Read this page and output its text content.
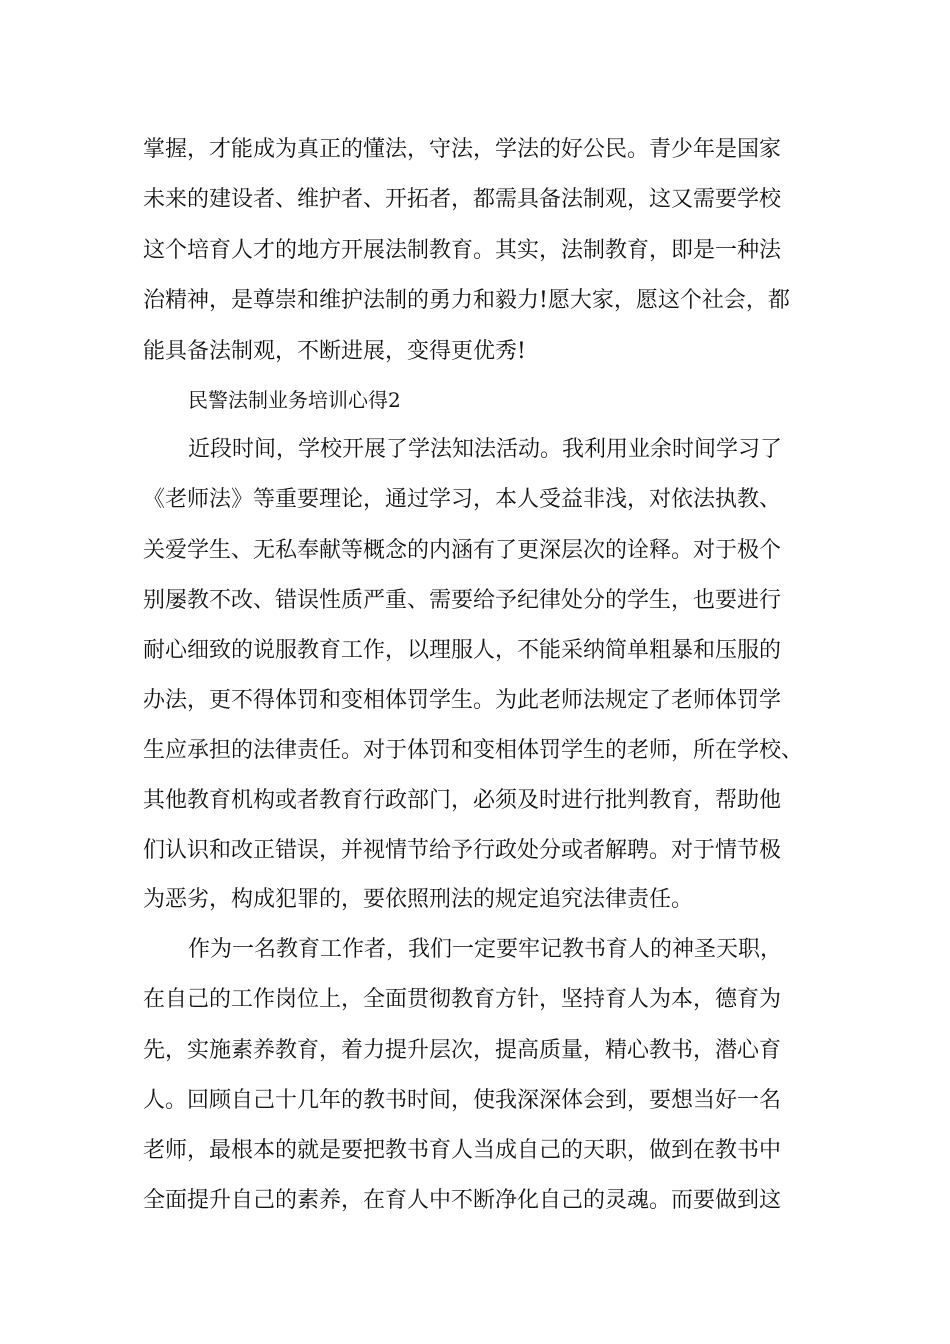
掌握，才能成为真正的懂法，守法，学法的好公民。青少年是国家
未来的建设者、维护者、开拓者，都需具备法制观，这又需要学校
这个培育人才的地方开展法制教育。其实，法制教育，即是一种法
治精神，是尊崇和维护法制的勇力和毅力!愿大家，愿这个社会，都
能具备法制观，不断进展，变得更优秀!
民警法制业务培训心得2
近段时间，学校开展了学法知法活动。我利用业余时间学习了
《老师法》等重要理论，通过学习，本人受益非浅，对依法执教、
关爱学生、无私奉献等概念的内涵有了更深层次的诠释。对于极个
别屡教不改、错误性质严重、需要给予纪律处分的学生，也要进行
耐心细致的说服教育工作，以理服人，不能采纳简单粗暴和压服的
办法，更不得体罚和变相体罚学生。为此老师法规定了老师体罚学
生应承担的法律责任。对于体罚和变相体罚学生的老师，所在学校、
其他教育机构或者教育行政部门，必须及时进行批判教育，帮助他
们认识和改正错误，并视情节给予行政处分或者解聘。对于情节极
为恶劣，构成犯罪的，要依照刑法的规定追究法律责任。
作为一名教育工作者，我们一定要牢记教书育人的神圣天职，
在自己的工作岗位上，全面贯彻教育方针，坚持育人为本，德育为
先，实施素养教育，着力提升层次，提高质量，精心教书，潜心育
人。回顾自己十几年的教书时间，使我深深体会到，要想当好一名
老师，最根本的就是要把教书育人当成自己的天职，做到在教书中
全面提升自己的素养，在育人中不断净化自己的灵魂。而要做到这
